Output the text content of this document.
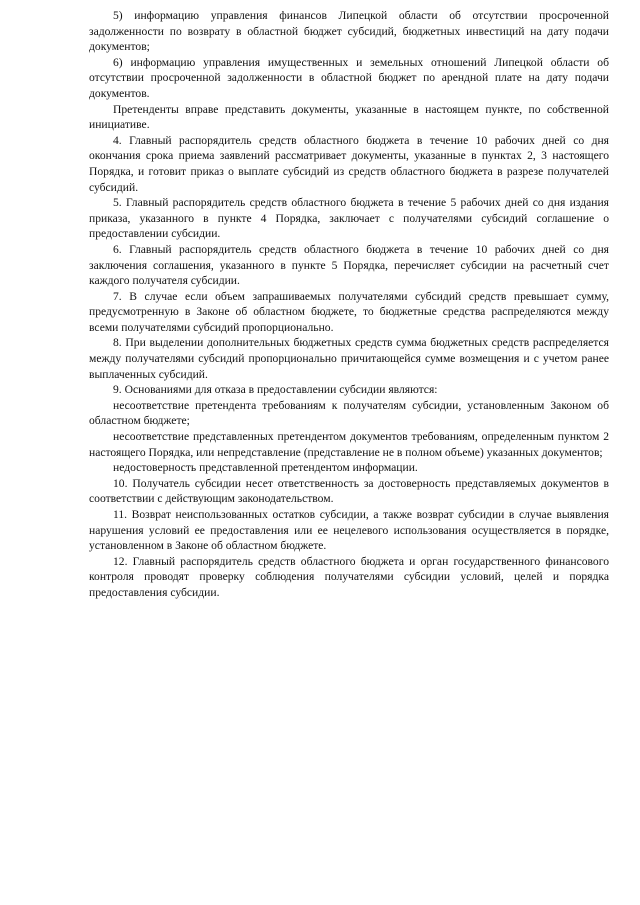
5) информацию управления финансов Липецкой области об отсутствии просроченной задолженности по возврату в областной бюджет субсидий, бюджетных инвестиций на дату подачи документов;

6) информацию управления имущественных и земельных отношений Липецкой области об отсутствии просроченной задолженности в областной бюджет по арендной плате на дату подачи документов.

Претенденты вправе представить документы, указанные в настоящем пункте, по собственной инициативе.

4. Главный распорядитель средств областного бюджета в течение 10 рабочих дней со дня окончания срока приема заявлений рассматривает документы, указанные в пунктах 2, 3 настоящего Порядка, и готовит приказ о выплате субсидий из средств областного бюджета в разрезе получателей субсидий.

5. Главный распорядитель средств областного бюджета в течение 5 рабочих дней со дня издания приказа, указанного в пункте 4 Порядка, заключает с получателями субсидий соглашение о предоставлении субсидии.

6. Главный распорядитель средств областного бюджета в течение 10 рабочих дней со дня заключения соглашения, указанного в пункте 5 Порядка, перечисляет субсидии на расчетный счет каждого получателя субсидии.

7. В случае если объем запрашиваемых получателями субсидий средств превышает сумму, предусмотренную в Законе об областном бюджете, то бюджетные средства распределяются между всеми получателями субсидий пропорционально.

8. При выделении дополнительных бюджетных средств сумма бюджетных средств распределяется между получателями субсидий пропорционально причитающейся сумме возмещения и с учетом ранее выплаченных субсидий.

9. Основаниями для отказа в предоставлении субсидии являются:

несоответствие претендента требованиям к получателям субсидии, установленным Законом об областном бюджете;

несоответствие представленных претендентом документов требованиям, определенным пунктом 2 настоящего Порядка, или непредставление (представление не в полном объеме) указанных документов;

недостоверность представленной претендентом информации.

10. Получатель субсидии несет ответственность за достоверность представляемых документов в соответствии с действующим законодательством.

11. Возврат неиспользованных остатков субсидии, а также возврат субсидии в случае выявления нарушения условий ее предоставления или ее нецелевого использования осуществляется в порядке, установленном в Законе об областном бюджете.

12. Главный распорядитель средств областного бюджета и орган государственного финансового контроля проводят проверку соблюдения получателями субсидии условий, целей и порядка предоставления субсидии.
